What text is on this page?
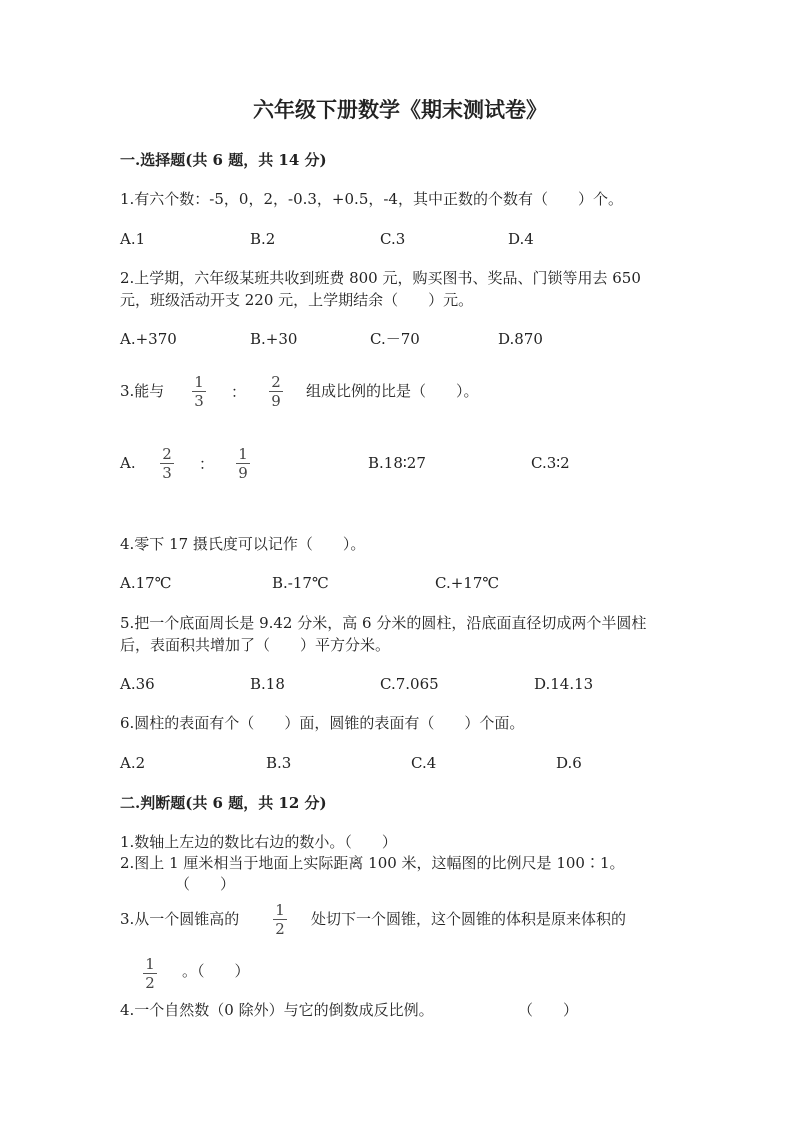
六年级下册数学《期末测试卷》
一.选择题(共 6 题，共 14 分)
1.有六个数：-5，0，2，-0.3，+0.5，-4，其中正数的个数有（　　）个。
A.1	B.2	C.3	D.4
2.上学期，六年级某班共收到班费 800 元，购买图书、奖品、门锁等用去 650
元，班级活动开支 220 元，上学期结余（　　）元。
A.+370	B.+30	C.－70	D.870
3.能与	1
3	：
2
9
组成比例的比是（　　）。
A.	2
3	：
1
9
B.18∶27	C.3∶2
4.零下 17 摄氏度可以记作（　　）。
A.17℃	B.-17℃	C.+17℃
5.把一个底面周长是 9.42 分米，高 6 分米的圆柱，沿底面直径切成两个半圆柱
后，表面积共增加了（　　）平方分米。
A.36	B.18	C.7.065	D.14.13
6.圆柱的表面有个（　　）面，圆锥的表面有（　　）个面。
A.2	B.3	C.4	D.6
二.判断题(共 6 题，共 12 分)
1.数轴上左边的数比右边的数小。（　　）
2.图上 1 厘米相当于地面上实际距离 100 米，这幅图的比例尺是 100∶1。
（　　）
3.从一个圆锥高的	1
2
处切下一个圆锥，这个圆锥的体积是原来体积的
1
2
。（　　）
4.一个自然数（0 除外）与它的倒数成反比例。	（　　）
